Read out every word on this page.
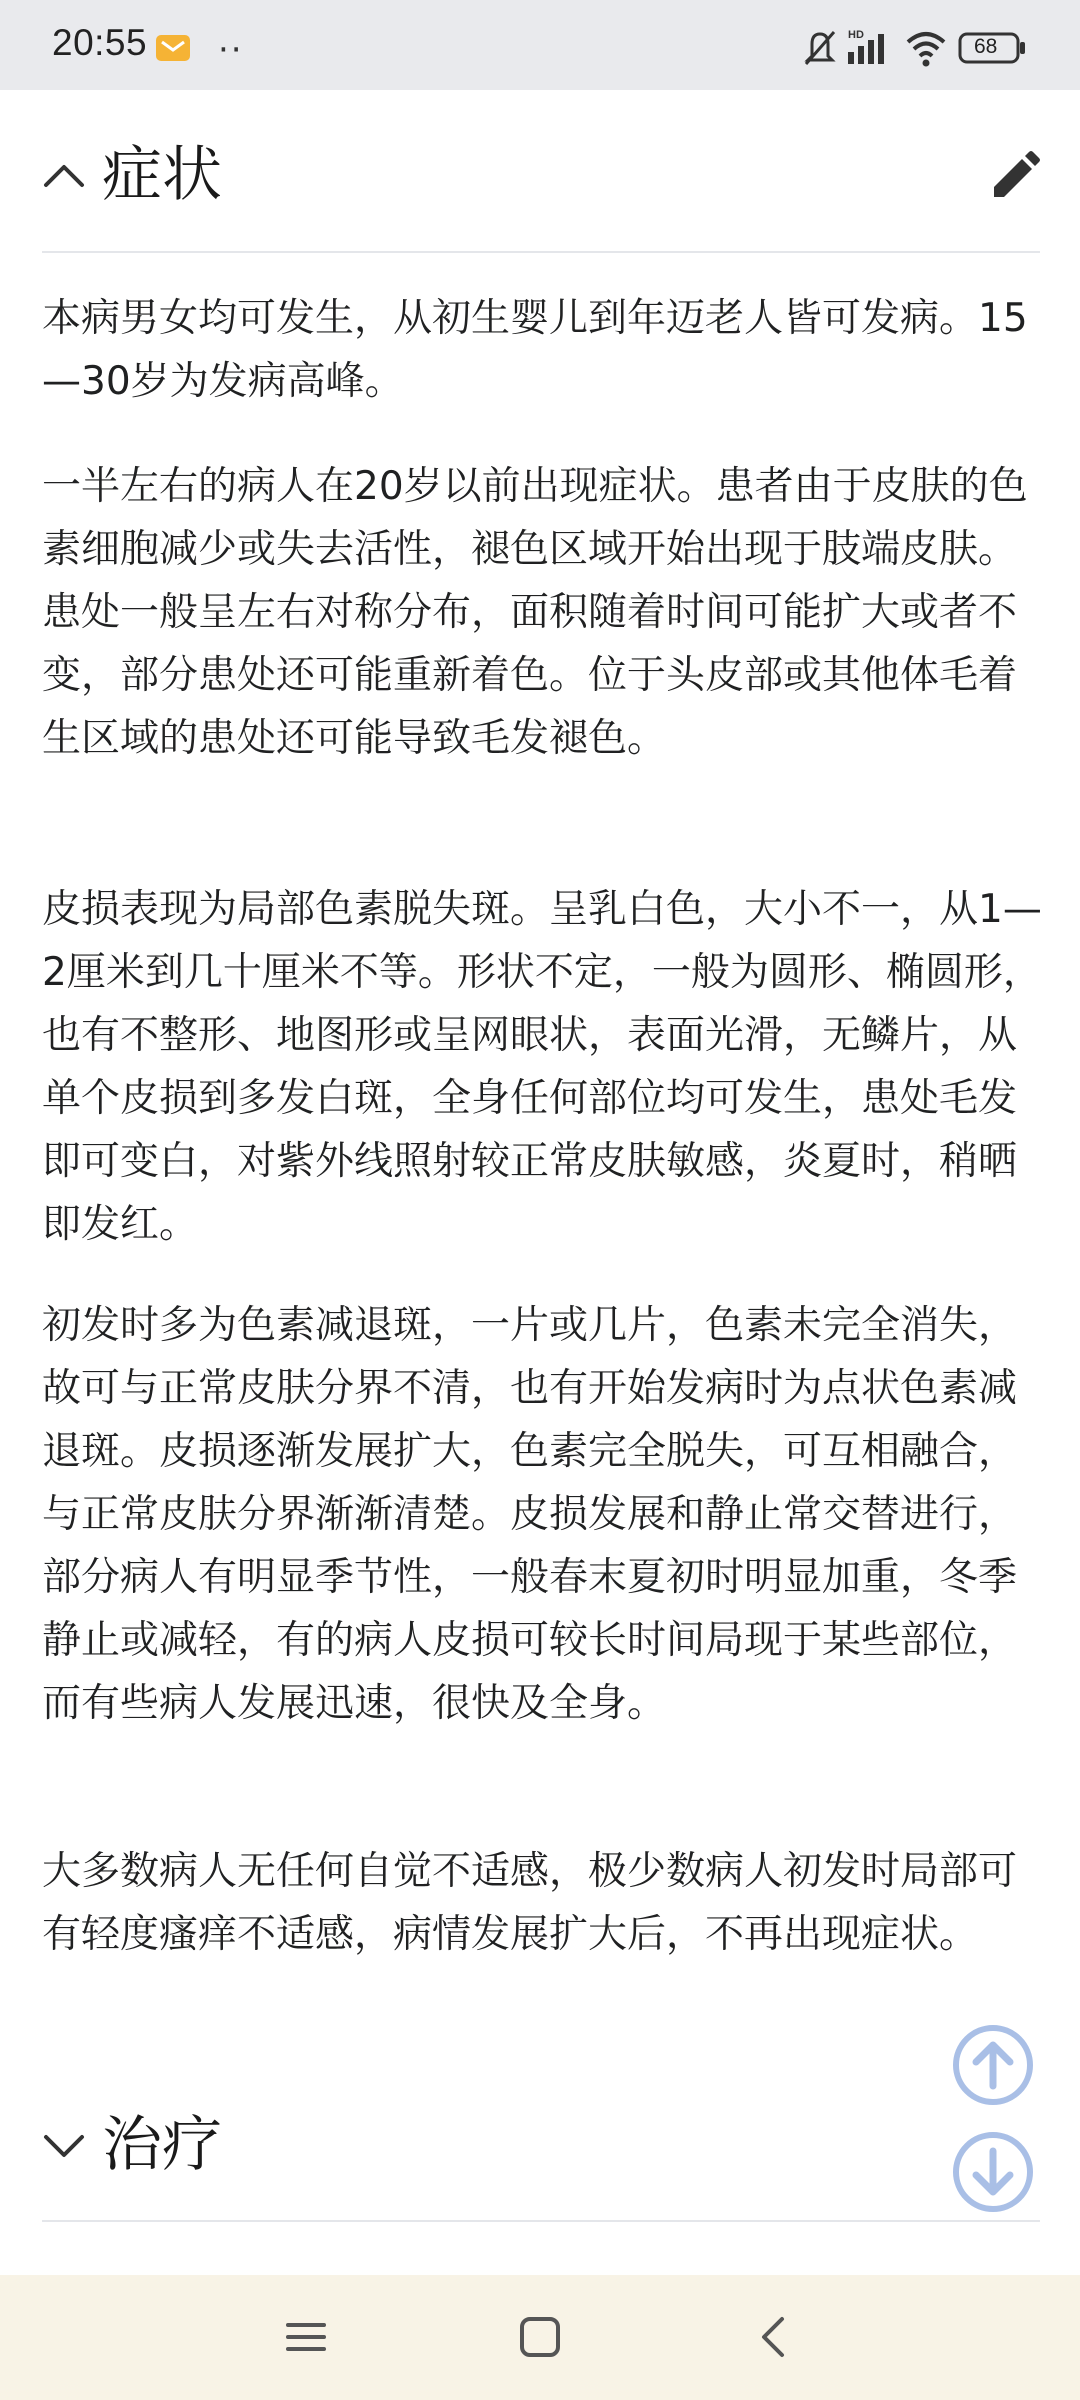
20:55 ··	HD	68
症状

本病男女均可发生，从初生婴儿到年迈老人皆可发病。15—30岁为发病高峰。

一半左右的病人在20岁以前出现症状。患者由于皮肤的色素细胞减少或失去活性，褪色区域开始出现于肢端皮肤。患处一般呈左右对称分布，面积随着时间可能扩大或者不变，部分患处还可能重新着色。位于头皮部或其他体毛着生区域的患处还可能导致毛发褪色。

皮损表现为局部色素脱失斑。呈乳白色，大小不一，从1—2厘米到几十厘米不等。形状不定，一般为圆形、椭圆形，也有不整形、地图形或呈网眼状，表面光滑，无鳞片，从单个皮损到多发白斑，全身任何部位均可发生，患处毛发即可变白，对紫外线照射较正常皮肤敏感，炎夏时，稍晒即发红。

初发时多为色素减退斑，一片或几片，色素未完全消失，故可与正常皮肤分界不清，也有开始发病时为点状色素减退斑。皮损逐渐发展扩大，色素完全脱失，可互相融合，与正常皮肤分界渐渐清楚。皮损发展和静止常交替进行，部分病人有明显季节性，一般春末夏初时明显加重，冬季静止或减轻，有的病人皮损可较长时间局现于某些部位，而有些病人发展迅速，很快及全身。

大多数病人无任何自觉不适感，极少数病人初发时局部可有轻度瘙痒不适感，病情发展扩大后，不再出现症状。

治疗
